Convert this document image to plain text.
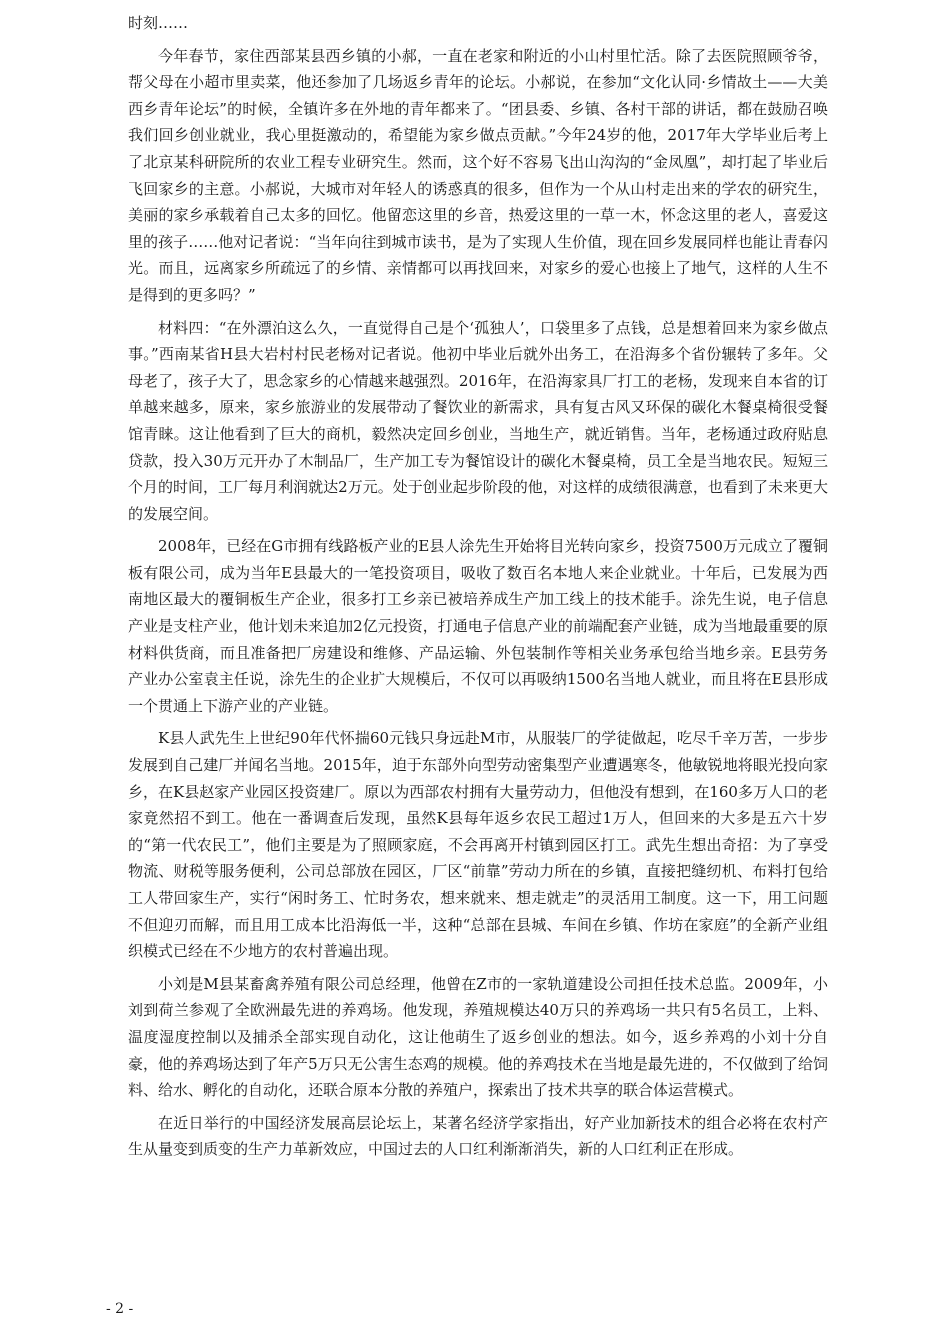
时刻……

今年春节，家住西部某县西乡镇的小郝，一直在老家和附近的小山村里忙活。除了去医院照顾爷爷，帮父母在小超市里卖菜，他还参加了几场返乡青年的论坛。小郝说，在参加“文化认同·乡情故土——大美西乡青年论坛”的时候，全镇许多在外地的青年都来了。“团县委、乡镇、各村干部的讲话，都在鼓励召唤我们回乡创业就业，我心里挺激动的，希望能为家乡做点贡献。”今年24岁的他，2017年大学毕业后考上了北京某科研院所的农业工程专业研究生。然而，这个好不容易飞出山沟沟的“金凤凰”，却打起了毕业后飞回家乡的主意。小郝说，大城市对年轻人的诱惑真的很多，但作为一个从山村走出来的学农的研究生，美丽的家乡承载着自己太多的回忆。他留恋这里的乡音，热爱这里的一草一木，怀念这里的老人，喜爱这里的孩子……他对记者说：“当年向往到城市读书，是为了实现人生价值，现在回乡发展同样也能让青春闪光。而且，远离家乡所疏远了的乡情、亲情都可以再找回来，对家乡的爱心也接上了地气，这样的人生不是得到的更多吗？”

材料四：“在外漂泊这么久，一直觉得自己是个‘孤独人’，口袋里多了点钱，总是想着回来为家乡做点事。”西南某省H县大岩村村民老杨对记者说。他初中毕业后就外出务工，在沿海多个省份辗转了多年。父母老了，孩子大了，思念家乡的心情越来越强烈。2016年，在沿海家具厂打工的老杨，发现来自本省的订单越来越多，原来，家乡旅游业的发展带动了餐饮业的新需求，具有复古风又环保的碳化木餐桌椅很受餐馆青睐。这让他看到了巨大的商机，毅然决定回乡创业，当地生产，就近销售。当年，老杨通过政府贴息贷款，投入30万元开办了木制品厂，生产加工专为餐馆设计的碳化木餐桌椅，员工全是当地农民。短短三个月的时间，工厂每月利润就达2万元。处于创业起步阶段的他，对这样的成绩很满意，也看到了未来更大的发展空间。

2008年，已经在G市拥有线路板产业的E县人涂先生开始将目光转向家乡，投资7500万元成立了覆铜板有限公司，成为当年E县最大的一笔投资项目，吸收了数百名本地人来企业就业。十年后，已发展为西南地区最大的覆铜板生产企业，很多打工乡亲已被培养成生产加工线上的技术能手。涂先生说，电子信息产业是支柱产业，他计划未来追加2亿元投资，打通电子信息产业的前端配套产业链，成为当地最重要的原材料供货商，而且准备把厂房建设和维修、产品运输、外包装制作等相关业务承包给当地乡亲。E县劳务产业办公室袁主任说，涂先生的企业扩大规模后，不仅可以再吸纳1500名当地人就业，而且将在E县形成一个贯通上下游产业的产业链。

K县人武先生上世纪90年代怀揣60元钱只身远赴M市，从服装厂的学徒做起，吃尽千辛万苦，一步步发展到自己建厂并闻名当地。2015年，迫于东部外向型劳动密集型产业遭遇寒冬，他敏锐地将眼光投向家乡，在K县赵家产业园区投资建厂。原以为西部农村拥有大量劳动力，但他没有想到，在160多万人口的老家竟然招不到工。他在一番调查后发现，虽然K县每年返乡农民工超过1万人，但回来的大多是五六十岁的“第一代农民工”，他们主要是为了照顾家庭，不会再离开村镇到园区打工。武先生想出奇招：为了享受物流、财税等服务便利，公司总部放在园区，厂区“前靠”劳动力所在的乡镇，直接把缝纫机、布料打包给工人带回家生产，实行“闲时务工、忙时务农，想来就来、想走就走”的灵活用工制度。这一下，用工问题不但迎刃而解，而且用工成本比沿海低一半，这种“总部在县城、车间在乡镇、作坊在家庭”的全新产业组织模式已经在不少地方的农村普遍出现。

小刘是M县某畜禽养殖有限公司总经理，他曾在Z市的一家轨道建设公司担任技术总监。2009年，小刘到荷兰参观了全欧洲最先进的养鸡场。他发现，养殖规模达40万只的养鸡场一共只有5名员工，上料、温度湿度控制以及捕杀全部实现自动化，这让他萌生了返乡创业的想法。如今，返乡养鸡的小刘十分自豪，他的养鸡场达到了年产5万只无公害生态鸡的规模。他的养鸡技术在当地是最先进的，不仅做到了给饲料、给水、孵化的自动化，还联合原本分散的养殖户，探索出了技术共享的联合体运营模式。

在近日举行的中国经济发展高层论坛上，某著名经济学家指出，好产业加新技术的组合必将在农村产生从量变到质变的生产力革新效应，中国过去的人口红利渐渐消失，新的人口红利正在形成。

- 2 -
